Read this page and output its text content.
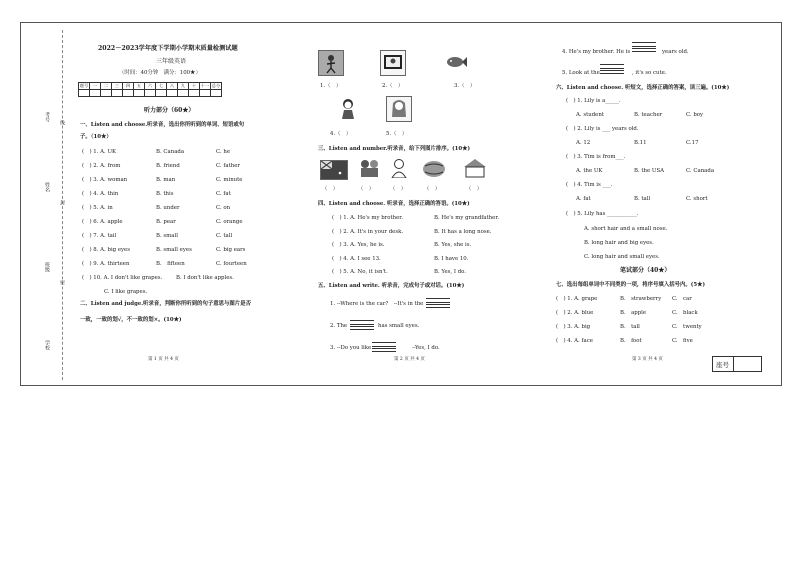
考号
姓名
班级
学校
线
封
密
2022－2023学年度下学期小学期末质量检测试题
三年级英语
（时间：40分钟　满分：100★）
题号	一	二	三	四	五	六	七	八	九	十	十一	总分

听力部分（60★）
一、Listen and choose.听录音，选出你所听到的单词、短语或句
子。（10★）
(　) 1. A. UK	B. Canada	C. he
(　) 2. A. from	B. friend	C. father
(　) 3. A. woman	B. man	C. minute
(　) 4. A. thin	B. this	C. fat
(　) 5. A. in	B. under	C. on
(　) 6. A. apple	B. pear	C. orange
(　) 7. A. tail	B. small	C. tall
(　) 8. A. big eyes	B. small eyes	C. big ears
(　) 9. A. thirteen	B.　fifteen	C. fourteen
(　) 10. A. I don't like grapes.	B. I don't like apples.
C. I like grapes.
二、Listen and judge.听录音，判断你所听到的句子意思与图片是否
一致，一致的划√，不一致的划×。(10★)
第 1 页 共 4 页
1.（　）	2.（　）	3.（　）
4.（　）	5.（　）
三、Listen and number.听录音，给下列图片排序。(10★)
（　）	（　）	（　）	（　）	（　）
四、Listen and choose. 听录音，选择正确的答语。(10★)
(　) 1. A. He's my brother.	B. He's my grandfather.
(　) 2. A. It's in your desk.	B. It has a long nose.
(　) 3. A. Yes, he is.	B. Yes, she is.
(　) 4. A. I see 13.	B. I have 10.
(　) 5. A. No, it isn't.	B. Yes, I do.
五、Listen and write. 听录音，完成句子或对话。(10★)
1. --Where is the car?　--It's in the
2. The	has small eyes.
3. --Do you like	--Yes, I do.
第 2 页 共 4 页
4. He's my brother. He is	years old.
5. Look at the	, it's so cute.
六、Listen and choose. 听短文，选择正确的答案，读三遍。(10★)
(　) 1. Lily is a_____.
A. student	B. teacher	C. boy
(　) 2. Lily is ___ years old.
A. 12	B.11	C.17
(　) 3. Tim is from___.
A. the UK	B. the USA	C. Canada
(　) 4. Tim is ___.
A. fat	B. tall	C. short
(　) 5. Lily has ___________.
A. short hair and a small nose.
B. long hair and big eyes.
C. long hair and small eyes.
笔试部分（40★）
七、选出每组单词中不同类的一项，将序号填入括号内。(5★)
(　) 1. A. grape	B.　strawberry C.　car
(　) 2. A. blue	B.　apple	C.　black
(　) 3. A. big	B.　tall	C.　twenty
(　) 4. A. face	B.　foot	C.　five
第 3 页 共 4 页
座号
